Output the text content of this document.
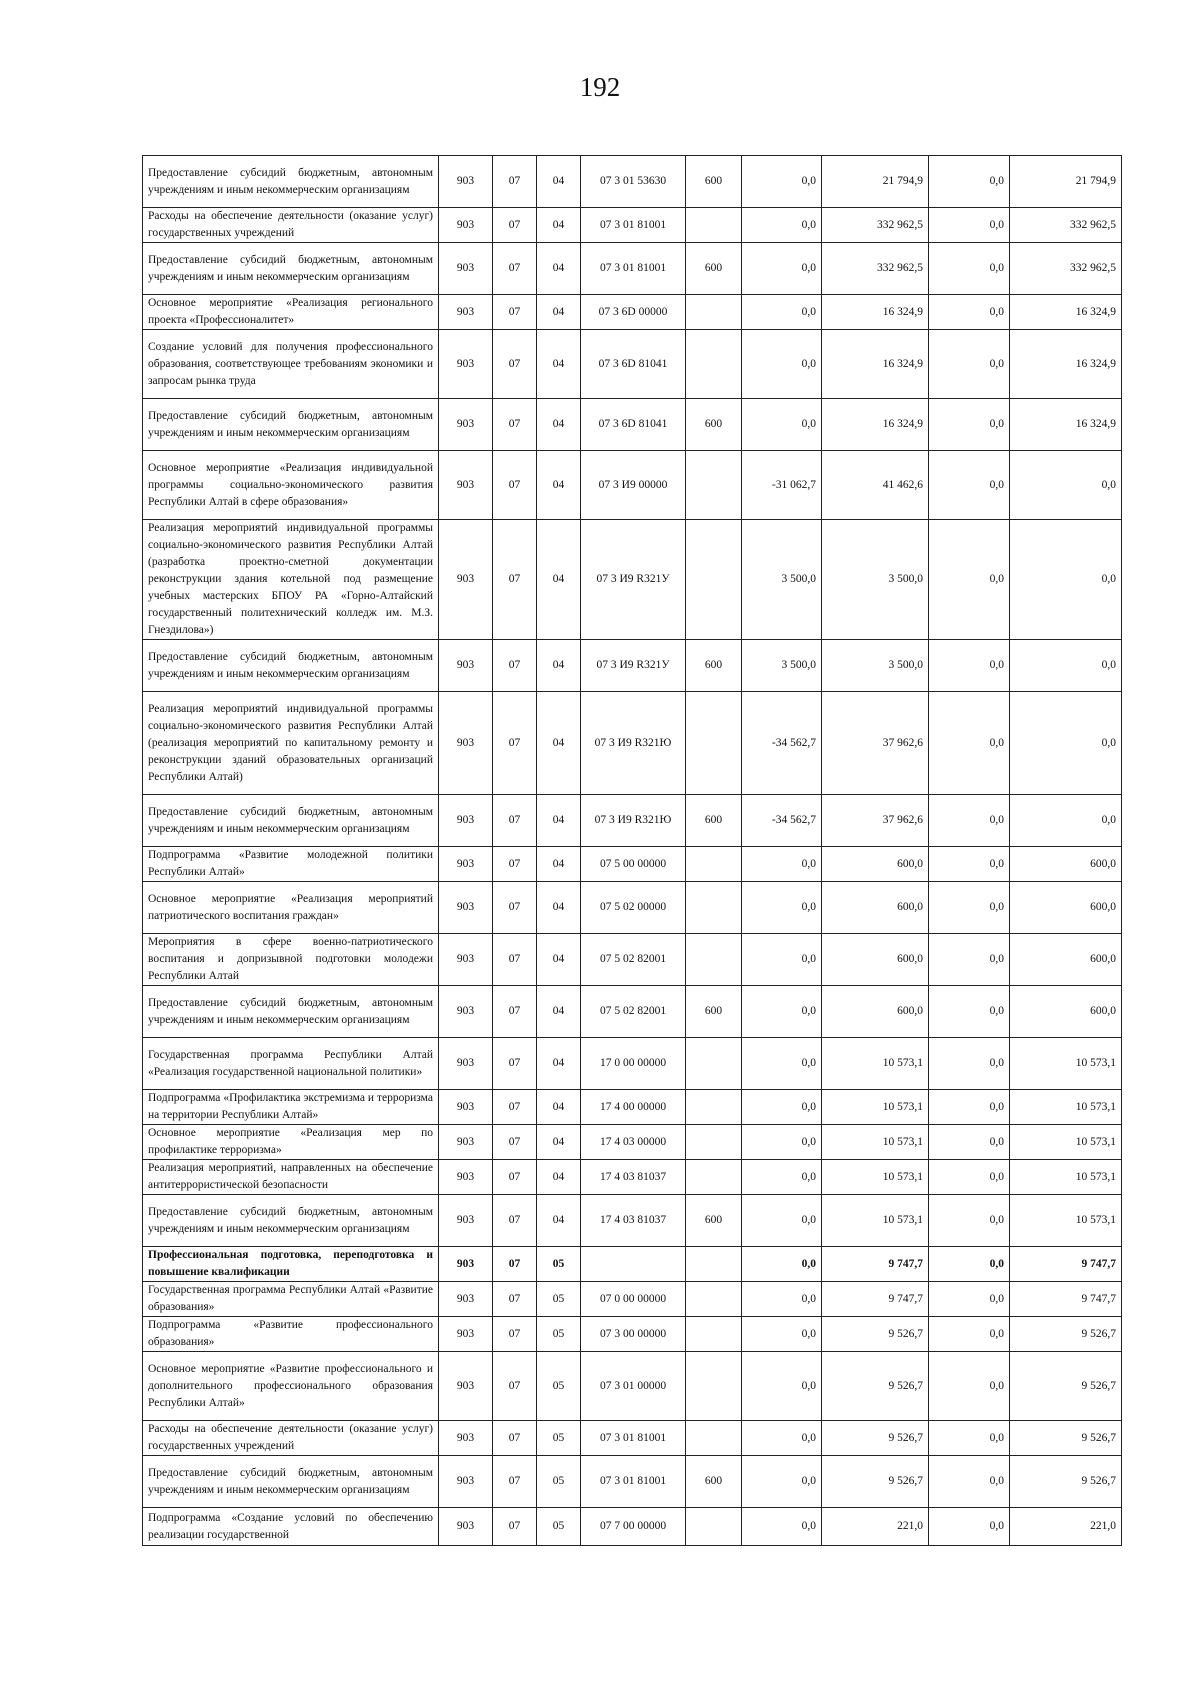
192
Предоставление субсидий бюджетным, автономным учреждениям и иным некоммерческим организациям	903	07	04	07 3 01 53630	600	0,0	21 794,9	0,0	21 794,9
Расходы на обеспечение деятельности (оказание услуг) государственных учреждений	903	07	04	07 3 01 81001		0,0	332 962,5	0,0	332 962,5
Предоставление субсидий бюджетным, автономным учреждениям и иным некоммерческим организациям	903	07	04	07 3 01 81001	600	0,0	332 962,5	0,0	332 962,5
Основное мероприятие «Реализация регионального проекта «Профессионалитет»	903	07	04	07 3 6D 00000		0,0	16 324,9	0,0	16 324,9
Создание условий для получения профессионального образования, соответствующее требованиям экономики и запросам рынка труда	903	07	04	07 3 6D 81041		0,0	16 324,9	0,0	16 324,9
Предоставление субсидий бюджетным, автономным учреждениям и иным некоммерческим организациям	903	07	04	07 3 6D 81041	600	0,0	16 324,9	0,0	16 324,9
Основное мероприятие «Реализация индивидуальной программы социально-экономического развития Республики Алтай в сфере образования»	903	07	04	07 3 И9 00000		-31 062,7	41 462,6	0,0	0,0
Реализация мероприятий индивидуальной программы социально-экономического развития Республики Алтай (разработка проектно-сметной документации реконструкции здания котельной под размещение учебных мастерских БПОУ РА «Горно-Алтайский государственный политехнический колледж им. М.З. Гнездилова»)	903	07	04	07 3 И9 R321У		3 500,0	3 500,0	0,0	0,0
Предоставление субсидий бюджетным, автономным учреждениям и иным некоммерческим организациям	903	07	04	07 3 И9 R321У	600	3 500,0	3 500,0	0,0	0,0
Реализация мероприятий индивидуальной программы социально-экономического развития Республики Алтай (реализация мероприятий по капитальному ремонту и реконструкции зданий образовательных организаций Республики Алтай)	903	07	04	07 3 И9 R321Ю		-34 562,7	37 962,6	0,0	0,0
Предоставление субсидий бюджетным, автономным учреждениям и иным некоммерческим организациям	903	07	04	07 3 И9 R321Ю	600	-34 562,7	37 962,6	0,0	0,0
Подпрограмма «Развитие молодежной политики Республики Алтай»	903	07	04	07 5 00 00000		0,0	600,0	0,0	600,0
Основное мероприятие «Реализация мероприятий патриотического воспитания граждан»	903	07	04	07 5 02 00000		0,0	600,0	0,0	600,0
Мероприятия в сфере военно-патриотического воспитания и допризывной подготовки молодежи Республики Алтай	903	07	04	07 5 02 82001		0,0	600,0	0,0	600,0
Предоставление субсидий бюджетным, автономным учреждениям и иным некоммерческим организациям	903	07	04	07 5 02 82001	600	0,0	600,0	0,0	600,0
Государственная программа Республики Алтай «Реализация государственной национальной политики»	903	07	04	17 0 00 00000		0,0	10 573,1	0,0	10 573,1
Подпрограмма «Профилактика экстремизма и терроризма на территории Республики Алтай»	903	07	04	17 4 00 00000		0,0	10 573,1	0,0	10 573,1
Основное мероприятие «Реализация мер по профилактике терроризма»	903	07	04	17 4 03 00000		0,0	10 573,1	0,0	10 573,1
Реализация мероприятий, направленных на обеспечение антитеррористической безопасности	903	07	04	17 4 03 81037		0,0	10 573,1	0,0	10 573,1
Предоставление субсидий бюджетным, автономным учреждениям и иным некоммерческим организациям	903	07	04	17 4 03 81037	600	0,0	10 573,1	0,0	10 573,1
Профессиональная подготовка, переподготовка и повышение квалификации	903	07	05			0,0	9 747,7	0,0	9 747,7
Государственная программа Республики Алтай «Развитие образования»	903	07	05	07 0 00 00000		0,0	9 747,7	0,0	9 747,7
Подпрограмма «Развитие профессионального образования»	903	07	05	07 3 00 00000		0,0	9 526,7	0,0	9 526,7
Основное мероприятие «Развитие профессионального и дополнительного профессионального образования Республики Алтай»	903	07	05	07 3 01 00000		0,0	9 526,7	0,0	9 526,7
Расходы на обеспечение деятельности (оказание услуг) государственных учреждений	903	07	05	07 3 01 81001		0,0	9 526,7	0,0	9 526,7
Предоставление субсидий бюджетным, автономным учреждениям и иным некоммерческим организациям	903	07	05	07 3 01 81001	600	0,0	9 526,7	0,0	9 526,7
Подпрограмма «Создание условий по обеспечению реализации государственной	903	07	05	07 7 00 00000		0,0	221,0	0,0	221,0
